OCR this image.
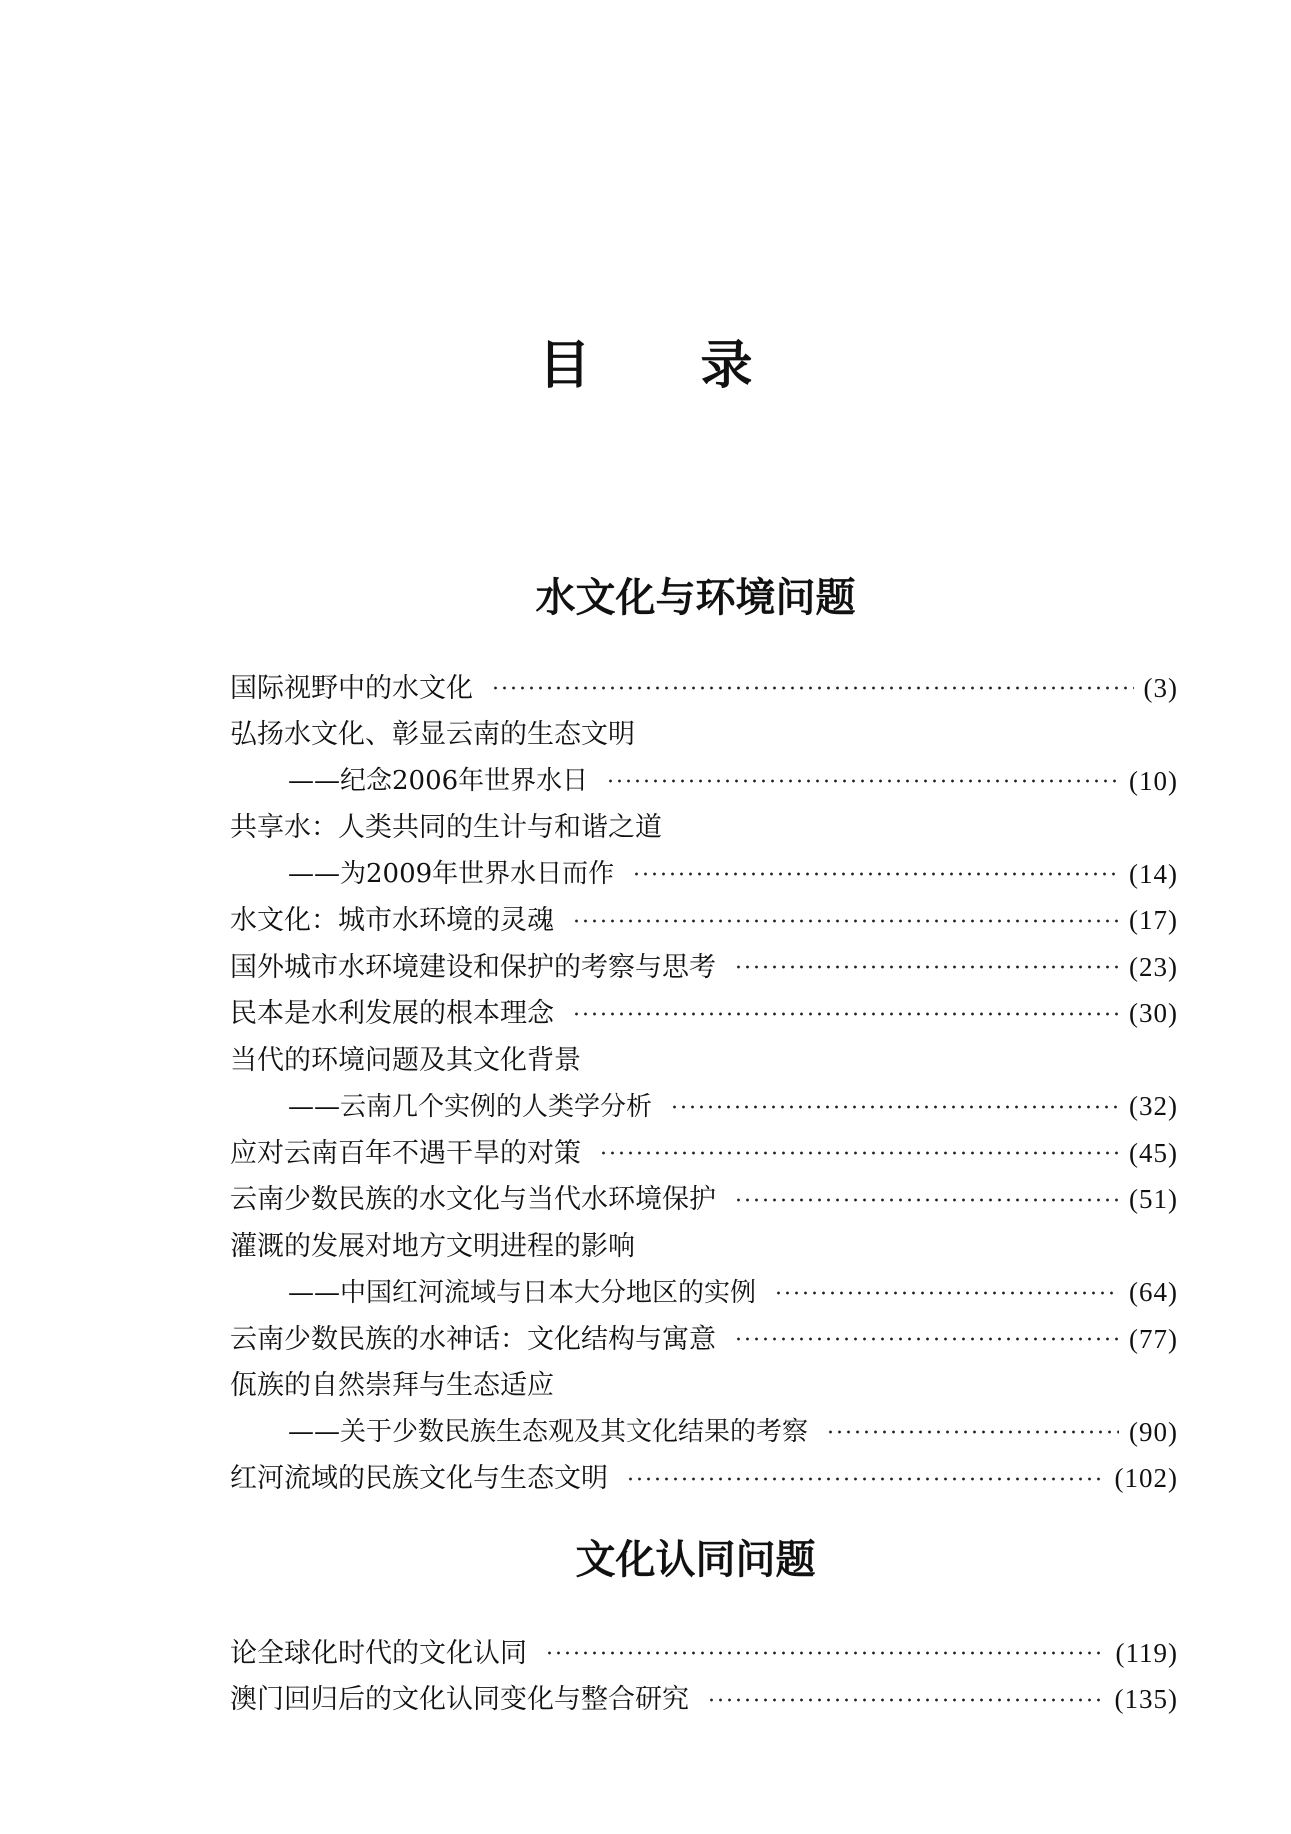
目录
水文化与环境问题
国际视野中的水文化	(3)
弘扬水文化、彰显云南的生态文明
——纪念2006年世界水日	(10)
共享水：人类共同的生计与和谐之道
——为2009年世界水日而作	(14)
水文化：城市水环境的灵魂	(17)
国外城市水环境建设和保护的考察与思考	(23)
民本是水利发展的根本理念	(30)
当代的环境问题及其文化背景
——云南几个实例的人类学分析	(32)
应对云南百年不遇干旱的对策	(45)
云南少数民族的水文化与当代水环境保护	(51)
灌溉的发展对地方文明进程的影响
——中国红河流域与日本大分地区的实例	(64)
云南少数民族的水神话：文化结构与寓意	(77)
佤族的自然崇拜与生态适应
——关于少数民族生态观及其文化结果的考察	(90)
红河流域的民族文化与生态文明	(102)
文化认同问题
论全球化时代的文化认同	(119)
澳门回归后的文化认同变化与整合研究	(135)
